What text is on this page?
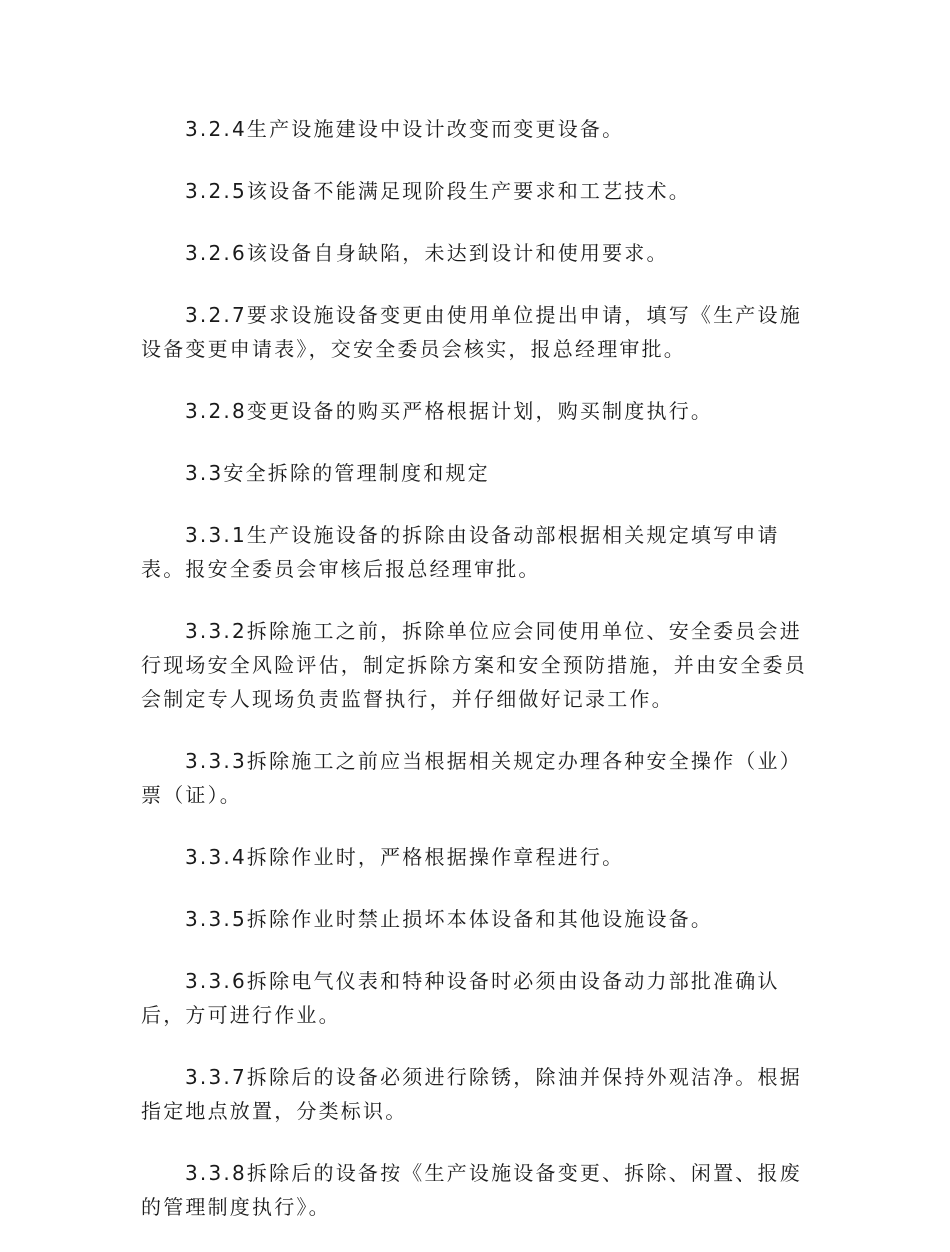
3.2.4生产设施建设中设计改变而变更设备。

3.2.5该设备不能满足现阶段生产要求和工艺技术。

3.2.6该设备自身缺陷，未达到设计和使用要求。

3.2.7要求设施设备变更由使用单位提出申请，填写《生产设施设备变更申请表》，交安全委员会核实，报总经理审批。

3.2.8变更设备的购买严格根据计划，购买制度执行。

3.3安全拆除的管理制度和规定

3.3.1生产设施设备的拆除由设备动部根据相关规定填写申请表。报安全委员会审核后报总经理审批。

3.3.2拆除施工之前，拆除单位应会同使用单位、安全委员会进行现场安全风险评估，制定拆除方案和安全预防措施，并由安全委员会制定专人现场负责监督执行，并仔细做好记录工作。

3.3.3拆除施工之前应当根据相关规定办理各种安全操作（业）票（证）。

3.3.4拆除作业时，严格根据操作章程进行。

3.3.5拆除作业时禁止损坏本体设备和其他设施设备。

3.3.6拆除电气仪表和特种设备时必须由设备动力部批准确认后，方可进行作业。

3.3.7拆除后的设备必须进行除锈，除油并保持外观洁净。根据指定地点放置，分类标识。

3.3.8拆除后的设备按《生产设施设备变更、拆除、闲置、报废的管理制度执行》。
